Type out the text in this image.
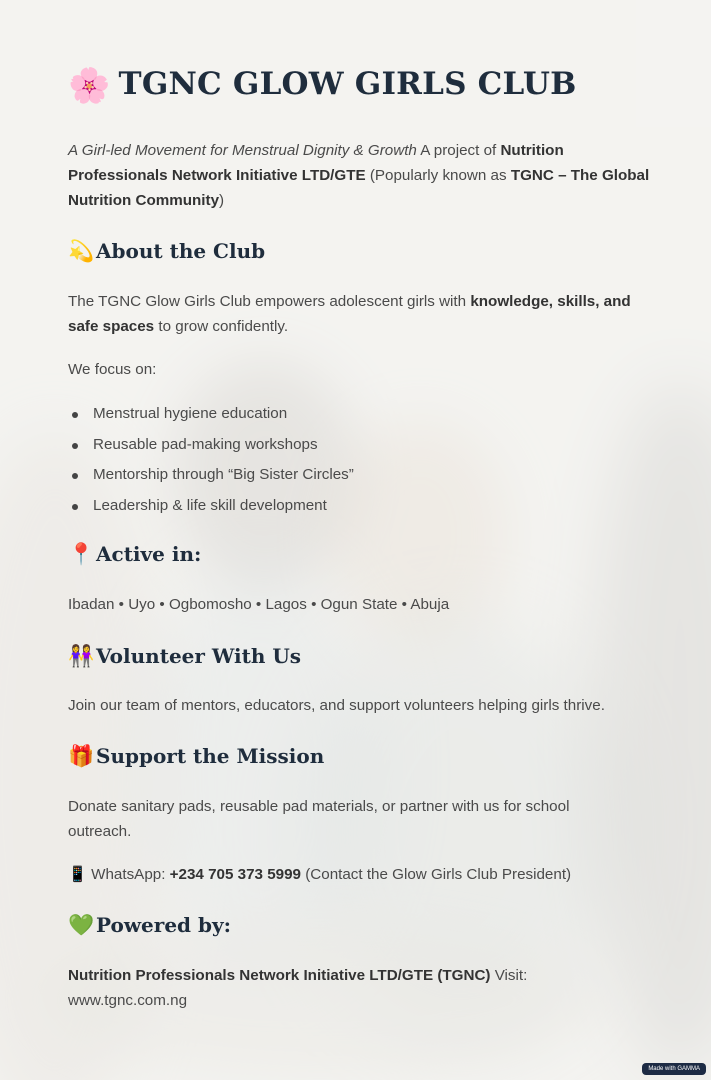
🌸 TGNC GLOW GIRLS CLUB

A Girl-led Movement for Menstrual Dignity & Growth A project of Nutrition Professionals Network Initiative LTD/GTE (Popularly known as TGNC – The Global Nutrition Community)

💫About the Club

The TGNC Glow Girls Club empowers adolescent girls with knowledge, skills, and safe spaces to grow confidently.

We focus on:

Menstrual hygiene education
Reusable pad-making workshops
Mentorship through “Big Sister Circles”
Leadership & life skill development
📍Active in:

Ibadan • Uyo • Ogbomosho • Lagos • Ogun State • Abuja

👭Volunteer With Us

Join our team of mentors, educators, and support volunteers helping girls thrive.

🎁Support the Mission

Donate sanitary pads, reusable pad materials, or partner with us for school outreach.

📱 WhatsApp: +234 705 373 5999 (Contact the Glow Girls Club President)

💚Powered by:

Nutrition Professionals Network Initiative LTD/GTE (TGNC) Visit: www.tgnc.com.ng

Made with GAMMA
